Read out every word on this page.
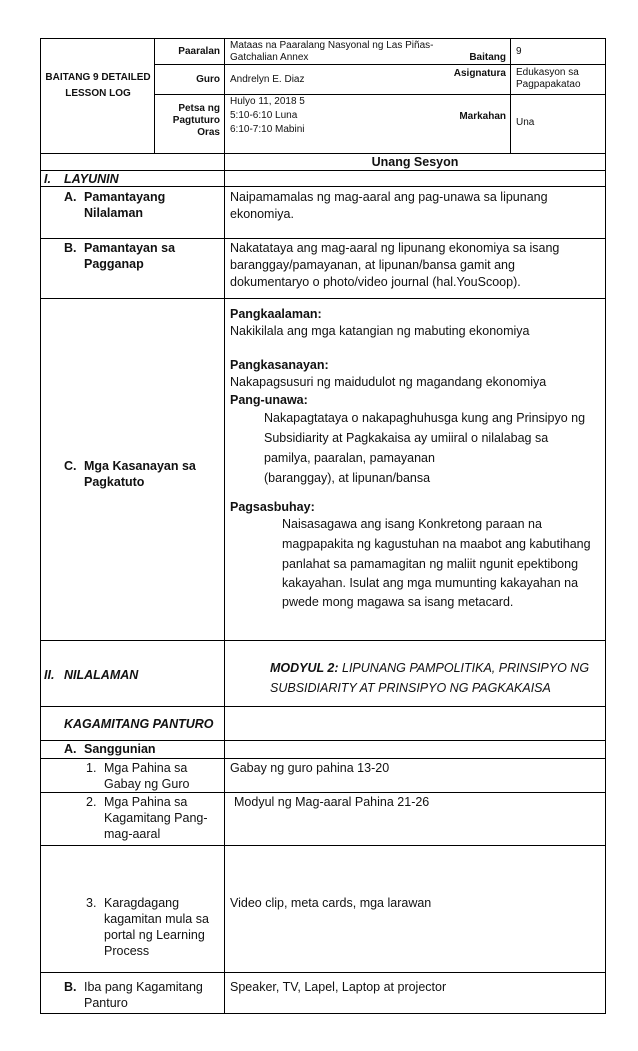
BAITANG 9 DETAILED LESSON LOG
Paaralan
Mataas na Paaralang Nasyonal ng Las Piñas-Gatchalian Annex	Baitang
9
Guro Andrelyn E. Diaz
Asignatura Edukasyon sa Pagpapakatao
Petsa ng Pagtuturo Oras
Hulyo 11, 2018 5
5:10-6:10 Luna
6:10-7:10 Mabini
Markahan
Una
Unang Sesyon
I. LAYUNIN
A. Pamantayang
Nilalaman
Naipamamalas ng mag-aaral ang pag-unawa sa lipunang
ekonomiya.
B. Pamantayan sa
Pagganap
Nakatataya ang mag-aaral ng lipunang ekonomiya sa isang
baranggay/pamayanan, at lipunan/bansa gamit ang
dokumentaryo o photo/video journal (hal.YouScoop).
C. Mga Kasanayan sa
Pagkatuto
Pangkaalaman:
Nakikilala ang mga katangian ng mabuting ekonomiya
Pangkasanayan:
Nakapagsusuri ng maidudulot ng magandang ekonomiya
Pang-unawa:
Nakapagtataya o nakapaghuhusga kung ang Prinsipyo ng
Subsidiarity at Pagkakaisa ay umiiral o nilalabag sa
pamilya, paaralan, pamayanan
(baranggay), at lipunan/bansa
Pagsasbuhay:
Naisasagawa ang isang Konkretong paraan na
magpapakita ng kagustuhan na maabot ang kabutihang
panlahat sa pamamagitan ng maliit ngunit epektibong
kakayahan. Isulat ang mga mumunting kakayahan na
pwede mong magawa sa isang metacard.
II. NILALAMAN	MODYUL 2: LIPUNANG PAMPOLITIKA, PRINSIPYO NG
SUBSIDIARITY AT PRINSIPYO NG PAGKAKAISA
KAGAMITANG PANTURO
A. Sanggunian
1. Mga Pahina sa
Gabay ng Guro
Gabay ng guro pahina 13-20
2. Mga Pahina sa
Kagamitang Pang-
mag-aaral
Modyul ng Mag-aaral Pahina 21-26
3. Karagdagang
kagamitan mula sa
portal ng Learning
Process
Video clip, meta cards, mga larawan
B. Iba pang Kagamitang
Panturo
Speaker, TV, Lapel, Laptop at projector
